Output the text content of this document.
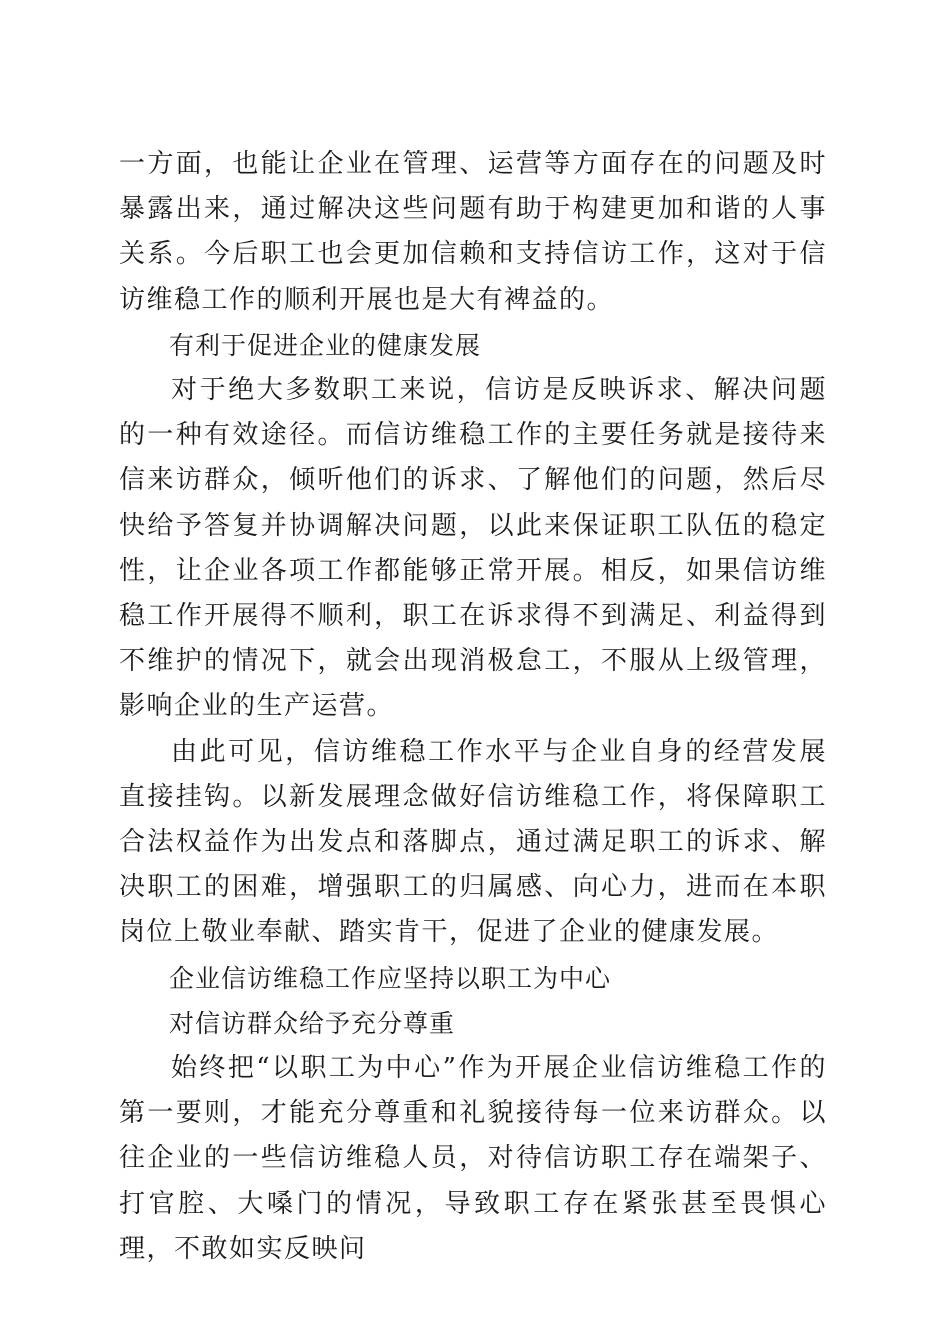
一方面，也能让企业在管理、运营等方面存在的问题及时暴露出来，通过解决这些问题有助于构建更加和谐的人事关系。今后职工也会更加信赖和支持信访工作，这对于信访维稳工作的顺利开展也是大有裨益的。

有利于促进企业的健康发展

对于绝大多数职工来说，信访是反映诉求、解决问题的一种有效途径。而信访维稳工作的主要任务就是接待来信来访群众，倾听他们的诉求、了解他们的问题，然后尽快给予答复并协调解决问题，以此来保证职工队伍的稳定性，让企业各项工作都能够正常开展。相反，如果信访维稳工作开展得不顺利，职工在诉求得不到满足、利益得到不维护的情况下，就会出现消极怠工，不服从上级管理，影响企业的生产运营。

由此可见，信访维稳工作水平与企业自身的经营发展直接挂钩。以新发展理念做好信访维稳工作，将保障职工合法权益作为出发点和落脚点，通过满足职工的诉求、解决职工的困难，增强职工的归属感、向心力，进而在本职岗位上敬业奉献、踏实肯干，促进了企业的健康发展。

企业信访维稳工作应坚持以职工为中心

对信访群众给予充分尊重

始终把“以职工为中心”作为开展企业信访维稳工作的第一要则，才能充分尊重和礼貌接待每一位来访群众。以往企业的一些信访维稳人员，对待信访职工存在端架子、打官腔、大嗓门的情况，导致职工存在紧张甚至畏惧心理，不敢如实反映问
